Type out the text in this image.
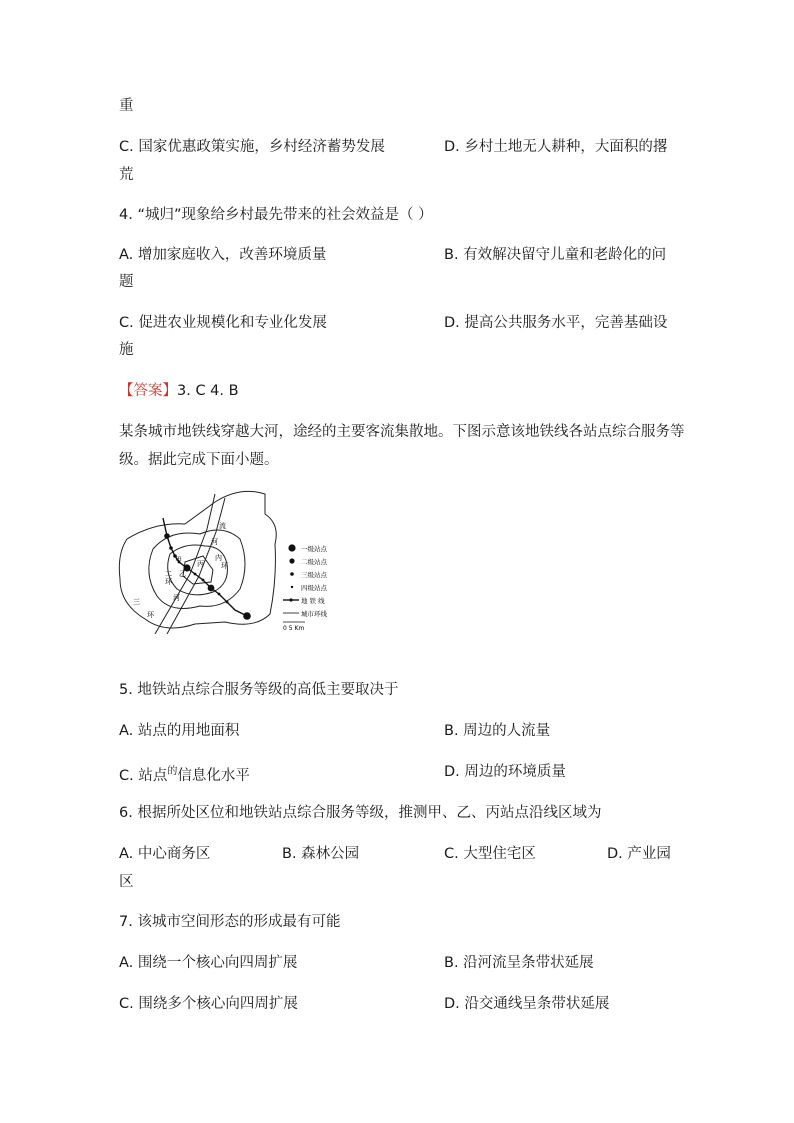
重
C. 国家优惠政策实施，乡村经济蓄势发展	D. 乡村土地无人耕种，大面积的撂
荒
4. “城归”现象给乡村最先带来的社会效益是（ ）
A. 增加家庭收入，改善环境质量	B. 有效解决留守儿童和老龄化的问
题
C. 促进农业规模化和专业化发展	D. 提高公共服务水平，完善基础设
施
【答案】3. C 4. B
某条城市地铁线穿越大河，途经的主要客流集散地。下图示意该地铁线各站点综合服务等
级。据此完成下面小题。
流
河
内
环
二
环
三
环
河
甲
乙
丙
一级站点
二级站点
三级站点
四级站点
地 铁 线
城市环线
0 5 Km
5. 地铁站点综合服务等级的高低主要取决于
A. 站点的用地面积	B. 周边的人流量
C. 站点$^的$信息化水平	D. 周边的环境质量
6. 根据所处区位和地铁站点综合服务等级，推测甲、乙、丙站点沿线区域为
A. 中心商务区	B. 森林公园	C. 大型住宅区	D. 产业园
区
7. 该城市空间形态的形成最有可能
A. 围绕一个核心向四周扩展	B. 沿河流呈条带状延展
C. 围绕多个核心向四周扩展	D. 沿交通线呈条带状延展
